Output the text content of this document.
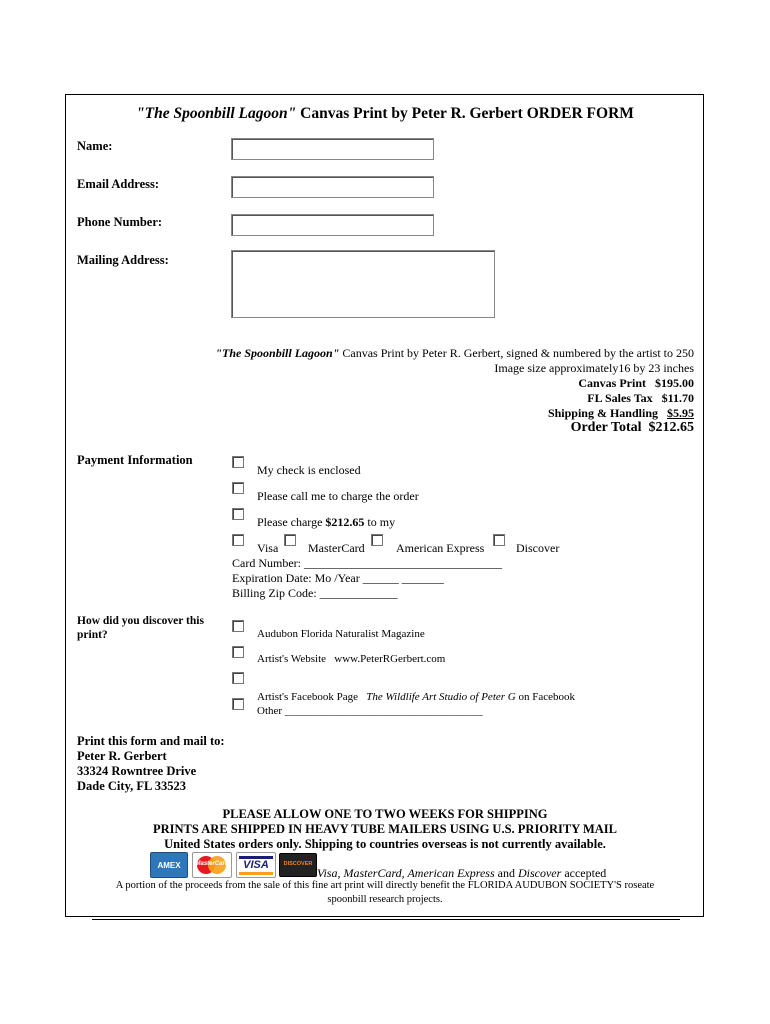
"The Spoonbill Lagoon" Canvas Print by Peter R. Gerbert ORDER FORM
Name:
Email Address:
Phone Number:
Mailing Address:
"The Spoonbill Lagoon" Canvas Print by Peter R. Gerbert, signed & numbered by the artist to 250
Image size approximately16 by 23 inches
Canvas Print $195.00
FL Sales Tax $11.70
Shipping & Handling $5.95
Order Total $212.65
Payment Information
My check is enclosed
Please call me to charge the order
Please charge $212.65 to my
Visa MasterCard	American Express	Discover
Card Number: _________________________________
Expiration Date: Mo /Year ______ _______
Billing Zip Code: _____________
How did you discover this
print?	Audubon Florida Naturalist Magazine
Artist's Website   www.PeterRGerbert.com

Artist's Facebook Page   The Wildlife Art Studio of Peter G on Facebook
Other ____________________________________
Print this form and mail to:
Peter R. Gerbert
33324 Rowntree Drive
Dade City, FL 33523
PLEASE ALLOW ONE TO TWO WEEKS FOR SHIPPING
PRINTS ARE SHIPPED IN HEAVY TUBE MAILERS USING U.S. PRIORITY MAIL
United States orders only. Shipping to countries overseas is not currently available.
AMEX	MasterCard	VISA	DISCOVER
Visa, MasterCard, American Express and Discover accepted
A portion of the proceeds from the sale of this fine art print will directly benefit the FLORIDA AUDUBON SOCIETY'S roseate
spoonbill research projects.
